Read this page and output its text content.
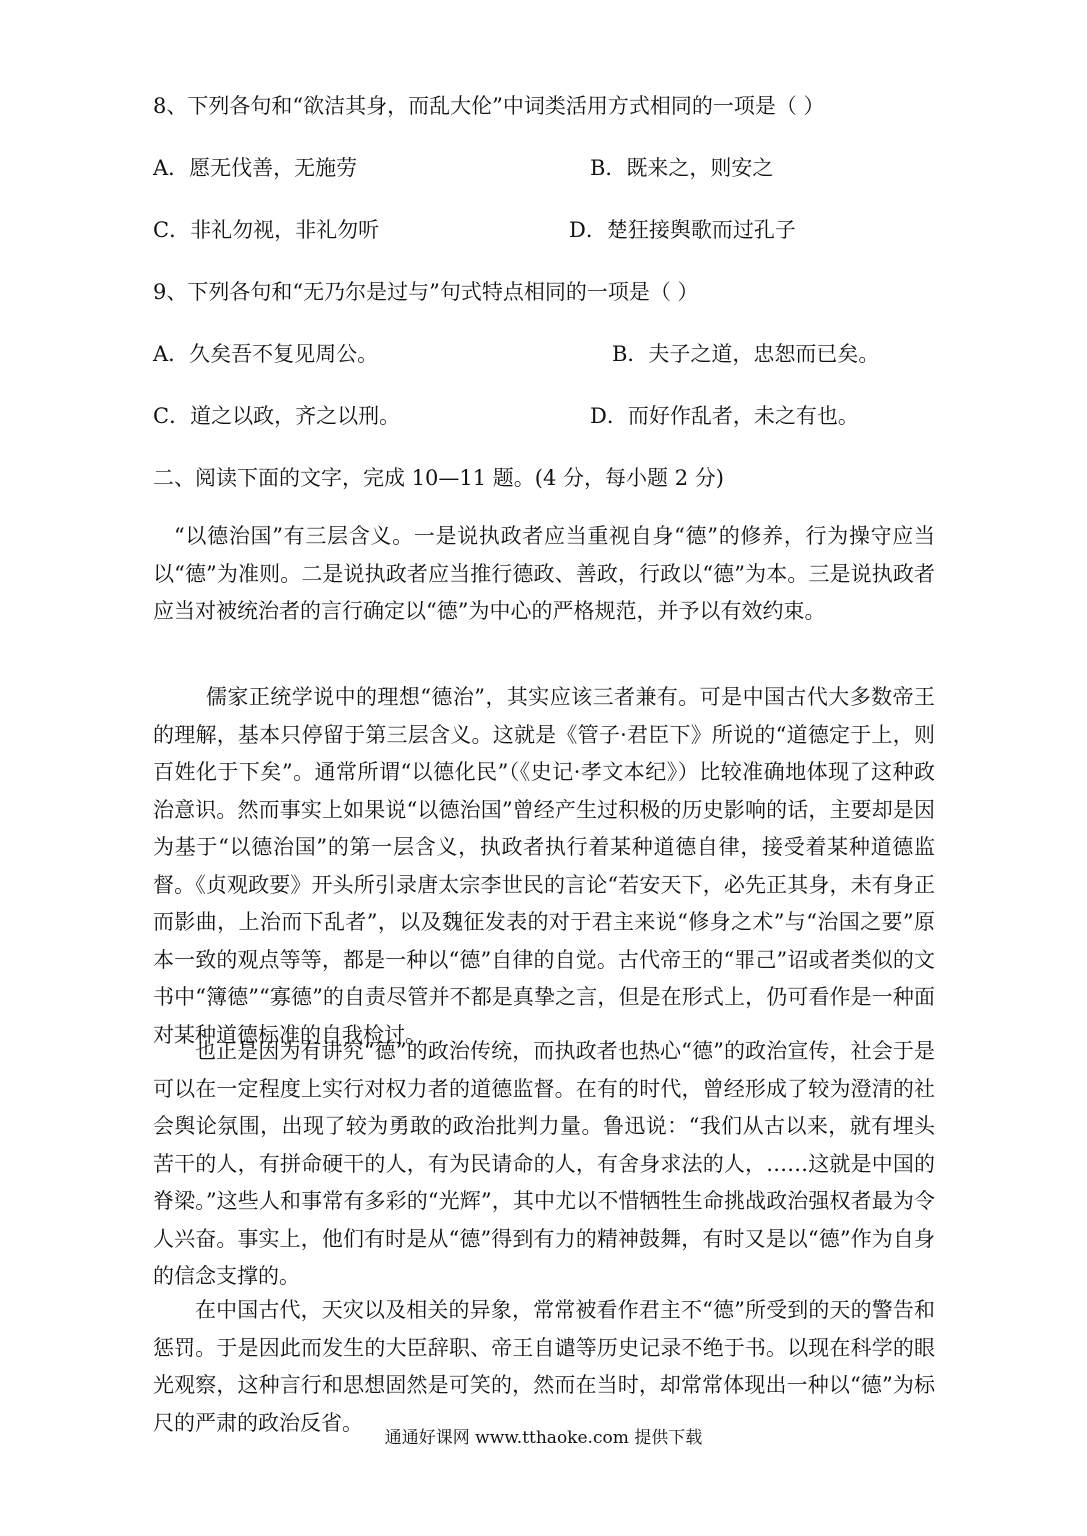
8、下列各句和“欲洁其身，而乱大伦”中词类活用方式相同的一项是（ ）
A．愿无伐善，无施劳	B．既来之，则安之
C．非礼勿视，非礼勿听	D．楚狂接舆歌而过孔子
9、下列各句和“无乃尔是过与”句式特点相同的一项是（ ）
A．久矣吾不复见周公。	B．夫子之道，忠恕而已矣。
C．道之以政，齐之以刑。	D．而好作乱者，未之有也。
二、阅读下面的文字，完成 10—11 题。(4 分，每小题 2 分)

“以德治国”有三层含义。一是说执政者应当重视自身“德”的修养，行为操守应当以“德”为准则。二是说执政者应当推行德政、善政，行政以“德”为本。三是说执政者应当对被统治者的言行确定以“德”为中心的严格规范，并予以有效约束。

儒家正统学说中的理想“德治”，其实应该三者兼有。可是中国古代大多数帝王的理解，基本只停留于第三层含义。这就是《管子·君臣下》所说的“道德定于上，则百姓化于下矣”。通常所谓“以德化民”（《史记·孝文本纪》）比较准确地体现了这种政治意识。然而事实上如果说“以德治国”曾经产生过积极的历史影响的话，主要却是因为基于“以德治国”的第一层含义，执政者执行着某种道德自律，接受着某种道德监督。《贞观政要》开头所引录唐太宗李世民的言论“若安天下，必先正其身，未有身正而影曲，上治而下乱者”，以及魏征发表的对于君主来说“修身之术”与“治国之要”原本一致的观点等等，都是一种以“德”自律的自觉。古代帝王的“罪己”诏或者类似的文书中“簿德”“寡德”的自责尽管并不都是真挚之言，但是在形式上，仍可看作是一种面对某种道德标准的自我检讨。

也正是因为有讲究“德”的政治传统，而执政者也热心“德”的政治宣传，社会于是可以在一定程度上实行对权力者的道德监督。在有的时代，曾经形成了较为澄清的社会舆论氛围，出现了较为勇敢的政治批判力量。鲁迅说：“我们从古以来，就有埋头苦干的人，有拼命硬干的人，有为民请命的人，有舍身求法的人，……这就是中国的脊梁。”这些人和事常有多彩的“光辉”，其中尤以不惜牺牲生命挑战政治强权者最为令人兴奋。事实上，他们有时是从“德”得到有力的精神鼓舞，有时又是以“德”作为自身的信念支撑的。

在中国古代，天灾以及相关的异象，常常被看作君主不“德”所受到的天的警告和惩罚。于是因此而发生的大臣辞职、帝王自谴等历史记录不绝于书。以现在科学的眼光观察，这种言行和思想固然是可笑的，然而在当时，却常常体现出一种以“德”为标尺的严肃的政治反省。

通通好课网 www.tthaoke.com 提供下载
